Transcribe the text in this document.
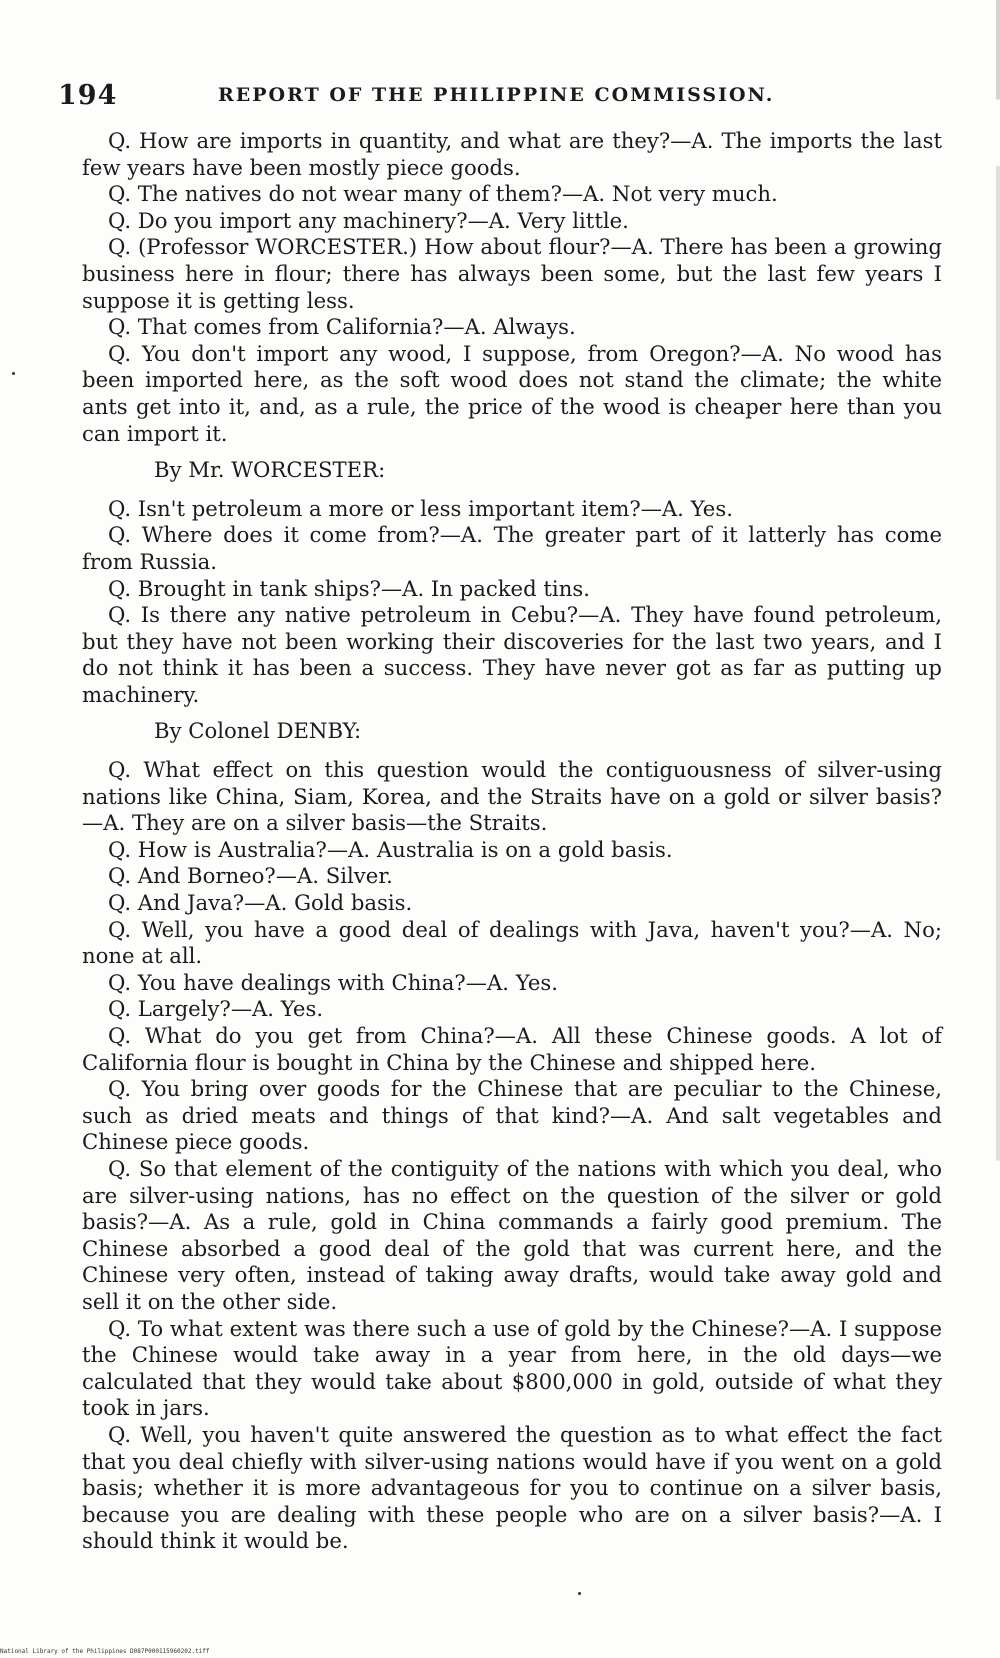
194	REPORT OF THE PHILIPPINE COMMISSION.

Q. How are imports in quantity, and what are they?—A. The imports the last few years have been mostly piece goods.

Q. The natives do not wear many of them?—A. Not very much.

Q. Do you import any machinery?—A. Very little.

Q. (Professor WORCESTER.) How about flour?—A. There has been a growing business here in flour; there has always been some, but the last few years I suppose it is getting less.

Q. That comes from California?—A. Always.

Q. You don't import any wood, I suppose, from Oregon?—A. No wood has been imported here, as the soft wood does not stand the climate; the white ants get into it, and, as a rule, the price of the wood is cheaper here than you can import it.

By Mr. WORCESTER:

Q. Isn't petroleum a more or less important item?—A. Yes.

Q. Where does it come from?—A. The greater part of it latterly has come from Russia.

Q. Brought in tank ships?—A. In packed tins.

Q. Is there any native petroleum in Cebu?—A. They have found petroleum, but they have not been working their discoveries for the last two years, and I do not think it has been a success. They have never got as far as putting up machinery.

By Colonel DENBY:

Q. What effect on this question would the contiguousness of silver-using nations like China, Siam, Korea, and the Straits have on a gold or silver basis?—A. They are on a silver basis—the Straits.

Q. How is Australia?—A. Australia is on a gold basis.

Q. And Borneo?—A. Silver.

Q. And Java?—A. Gold basis.

Q. Well, you have a good deal of dealings with Java, haven't you?—A. No; none at all.

Q. You have dealings with China?—A. Yes.

Q. Largely?—A. Yes.

Q. What do you get from China?—A. All these Chinese goods. A lot of California flour is bought in China by the Chinese and shipped here.

Q. You bring over goods for the Chinese that are peculiar to the Chinese, such as dried meats and things of that kind?—A. And salt vegetables and Chinese piece goods.

Q. So that element of the contiguity of the nations with which you deal, who are silver-using nations, has no effect on the question of the silver or gold basis?—A. As a rule, gold in China commands a fairly good premium. The Chinese absorbed a good deal of the gold that was current here, and the Chinese very often, instead of taking away drafts, would take away gold and sell it on the other side.

Q. To what extent was there such a use of gold by the Chinese?—A. I suppose the Chinese would take away in a year from here, in the old days—we calculated that they would take about $800,000 in gold, outside of what they took in jars.

Q. Well, you haven't quite answered the question as to what effect the fact that you deal chiefly with silver-using nations would have if you went on a gold basis; whether it is more advantageous for you to continue on a silver basis, because you are dealing with these people who are on a silver basis?—A. I should think it would be.

National Library of the Philippines D087P000115960202.tiff
